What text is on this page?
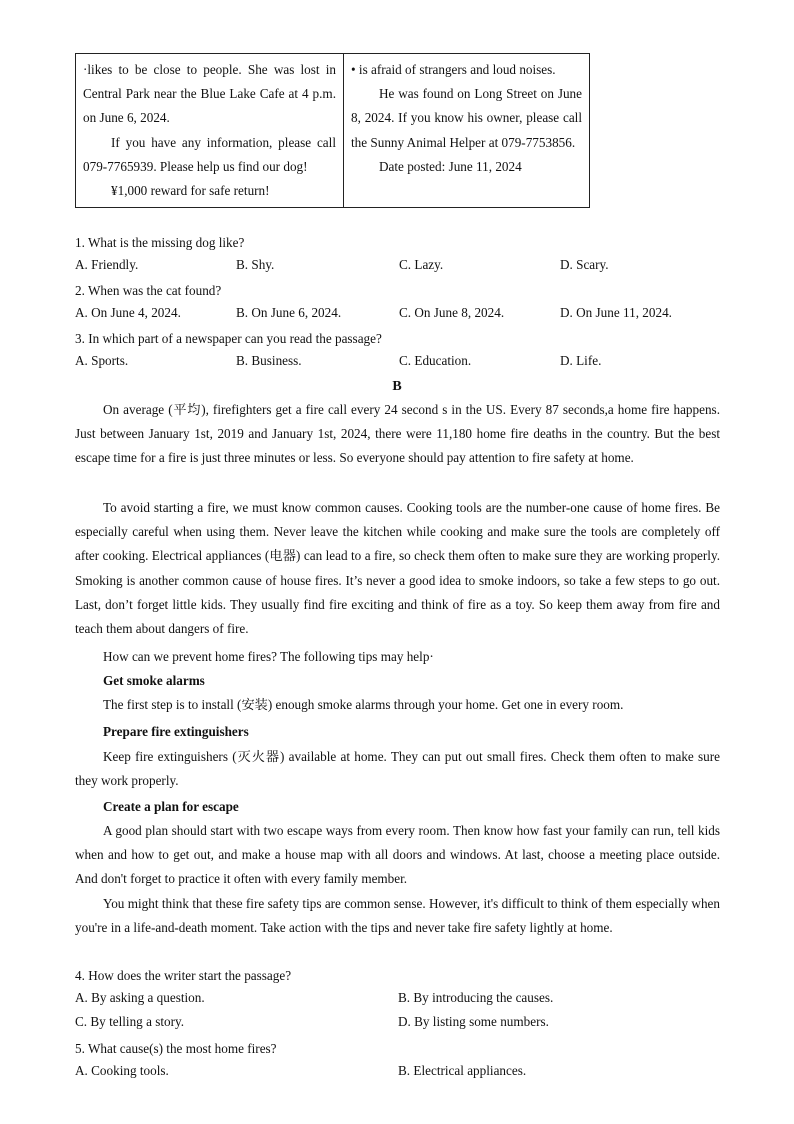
·likes to be close to people. She was lost in Central Park near the Blue Lake Cafe at 4 p.m. on June 6, 2024.
If you have any information, please call 079-7765939. Please help us find our dog!
¥1,000 reward for safe return!
• is afraid of strangers and loud noises.
He was found on Long Street on June 8, 2024. If you know his owner, please call the Sunny Animal Helper at 079-7753856.
Date posted: June 11, 2024
1. What is the missing dog like?
A. Friendly.	B. Shy.	C. Lazy.	D. Scary.
2. When was the cat found?
A. On June 4, 2024.	B. On June 6, 2024.	C. On June 8, 2024.	D. On June 11, 2024.
3. In which part of a newspaper can you read the passage?
A. Sports.	B. Business.	C. Education.	D. Life.
B
On average (平均), firefighters get a fire call every 24 second s in the US. Every 87 seconds,a home fire happens. Just between January 1st, 2019 and January 1st, 2024, there were 11,180 home fire deaths in the country. But the best escape time for a fire is just three minutes or less. So everyone should pay attention to fire safety at home.
To avoid starting a fire, we must know common causes. Cooking tools are the number-one cause of home fires. Be especially careful when using them. Never leave the kitchen while cooking and make sure the tools are completely off after cooking. Electrical appliances (电器) can lead to a fire, so check them often to make sure they are working properly. Smoking is another common cause of house fires. It’s never a good idea to smoke indoors, so take a few steps to go out. Last, don’t forget little kids. They usually find fire exciting and think of fire as a toy. So keep them away from fire and teach them about dangers of fire.
How can we prevent home fires? The following tips may help·
Get smoke alarms
The first step is to install (安装) enough smoke alarms through your home. Get one in every room.
Prepare fire extinguishers
Keep fire extinguishers (灭火器) available at home. They can put out small fires. Check them often to make sure they work properly.
Create a plan for escape
A good plan should start with two escape ways from every room. Then know how fast your family can run, tell kids when and how to get out, and make a house map with all doors and windows. At last, choose a meeting place outside. And don't forget to practice it often with every family member.
You might think that these fire safety tips are common sense. However, it's difficult to think of them especially when you're in a life-and-death moment. Take action with the tips and never take fire safety lightly at home.
4. How does the writer start the passage?
A. By asking a question.	B. By introducing the causes.
C. By telling a story.	D. By listing some numbers.
5. What cause(s) the most home fires?
A. Cooking tools.	B. Electrical appliances.
